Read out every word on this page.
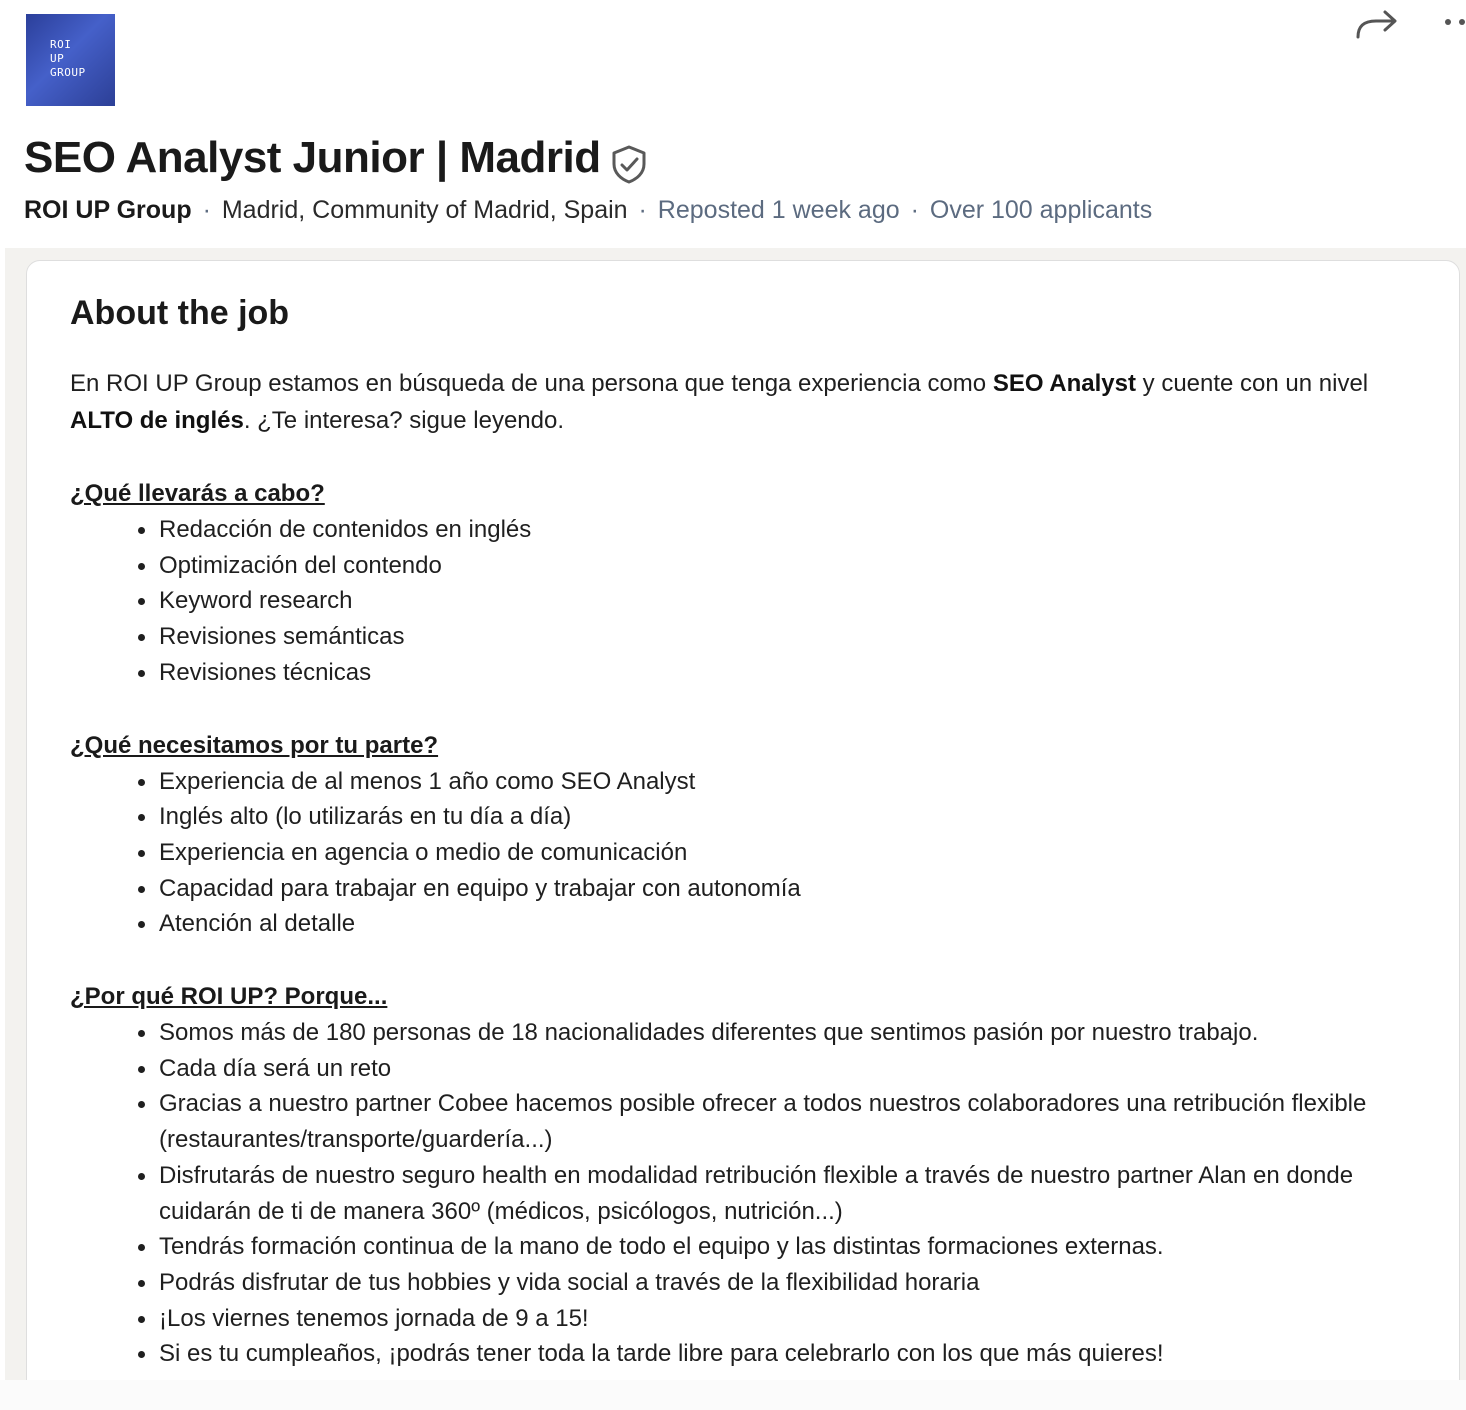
ROI
UP
GROUP
SEO Analyst Junior | Madrid
ROI UP Group · Madrid, Community of Madrid, Spain · Reposted 1 week ago · Over 100 applicants
About the job

En ROI UP Group estamos en búsqueda de una persona que tenga experiencia como SEO Analyst y cuente con un nivel ALTO de inglés. ¿Te interesa? sigue leyendo.

¿Qué llevarás a cabo?
Redacción de contenidos en inglés
Optimización del contendo
Keyword research
Revisiones semánticas
Revisiones técnicas
¿Qué necesitamos por tu parte?
Experiencia de al menos 1 año como SEO Analyst
Inglés alto (lo utilizarás en tu día a día)
Experiencia en agencia o medio de comunicación
Capacidad para trabajar en equipo y trabajar con autonomía
Atención al detalle
¿Por qué ROI UP? Porque...
Somos más de 180 personas de 18 nacionalidades diferentes que sentimos pasión por nuestro trabajo.
Cada día será un reto
Gracias a nuestro partner Cobee hacemos posible ofrecer a todos nuestros colaboradores una retribución flexible (restaurantes/transporte/guardería...)
Disfrutarás de nuestro seguro health en modalidad retribución flexible a través de nuestro partner Alan en donde cuidarán de ti de manera 360º (médicos, psicólogos, nutrición...)
Tendrás formación continua de la mano de todo el equipo y las distintas formaciones externas.
Podrás disfrutar de tus hobbies y vida social a través de la flexibilidad horaria
¡Los viernes tenemos jornada de 9 a 15!
Si es tu cumpleaños, ¡podrás tener toda la tarde libre para celebrarlo con los que más quieres!
